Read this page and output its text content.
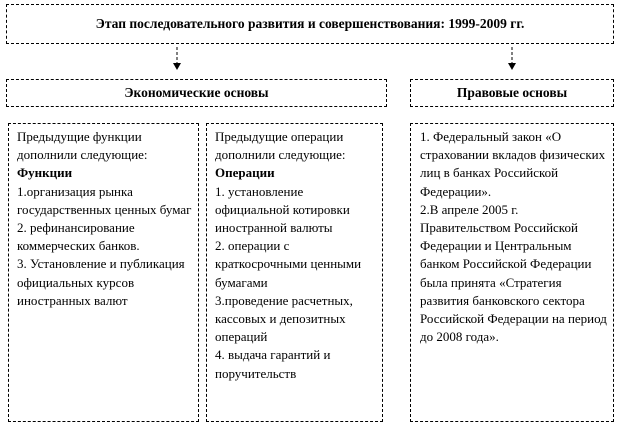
Этап последовательного развития и совершенствования: 1999-2009 гг.
Экономические основы	Правовые основы

Предыдущие функции дополнили следующие:

Функции

1.организация рынка государственных ценных бумаг

2. рефинансирование коммерческих банков.

3. Установление и публикация официальных курсов иностранных валют

Предыдущие операции дополнили следующие:

Операции

1. установление официальной котировки иностранной валюты

2. операции с краткосрочными ценными бумагами

3.проведение расчетных, кассовых и депозитных операций

4. выдача гарантий и поручительств

1. Федеральный закон «О страховании вкладов физических лиц в банках Российской Федерации».

2.В апреле 2005 г. Правительством Российской Федерации и Центральным банком Российской Федерации была принята «Стратегия развития банковского сектора Российской Федерации на период до 2008 года».
